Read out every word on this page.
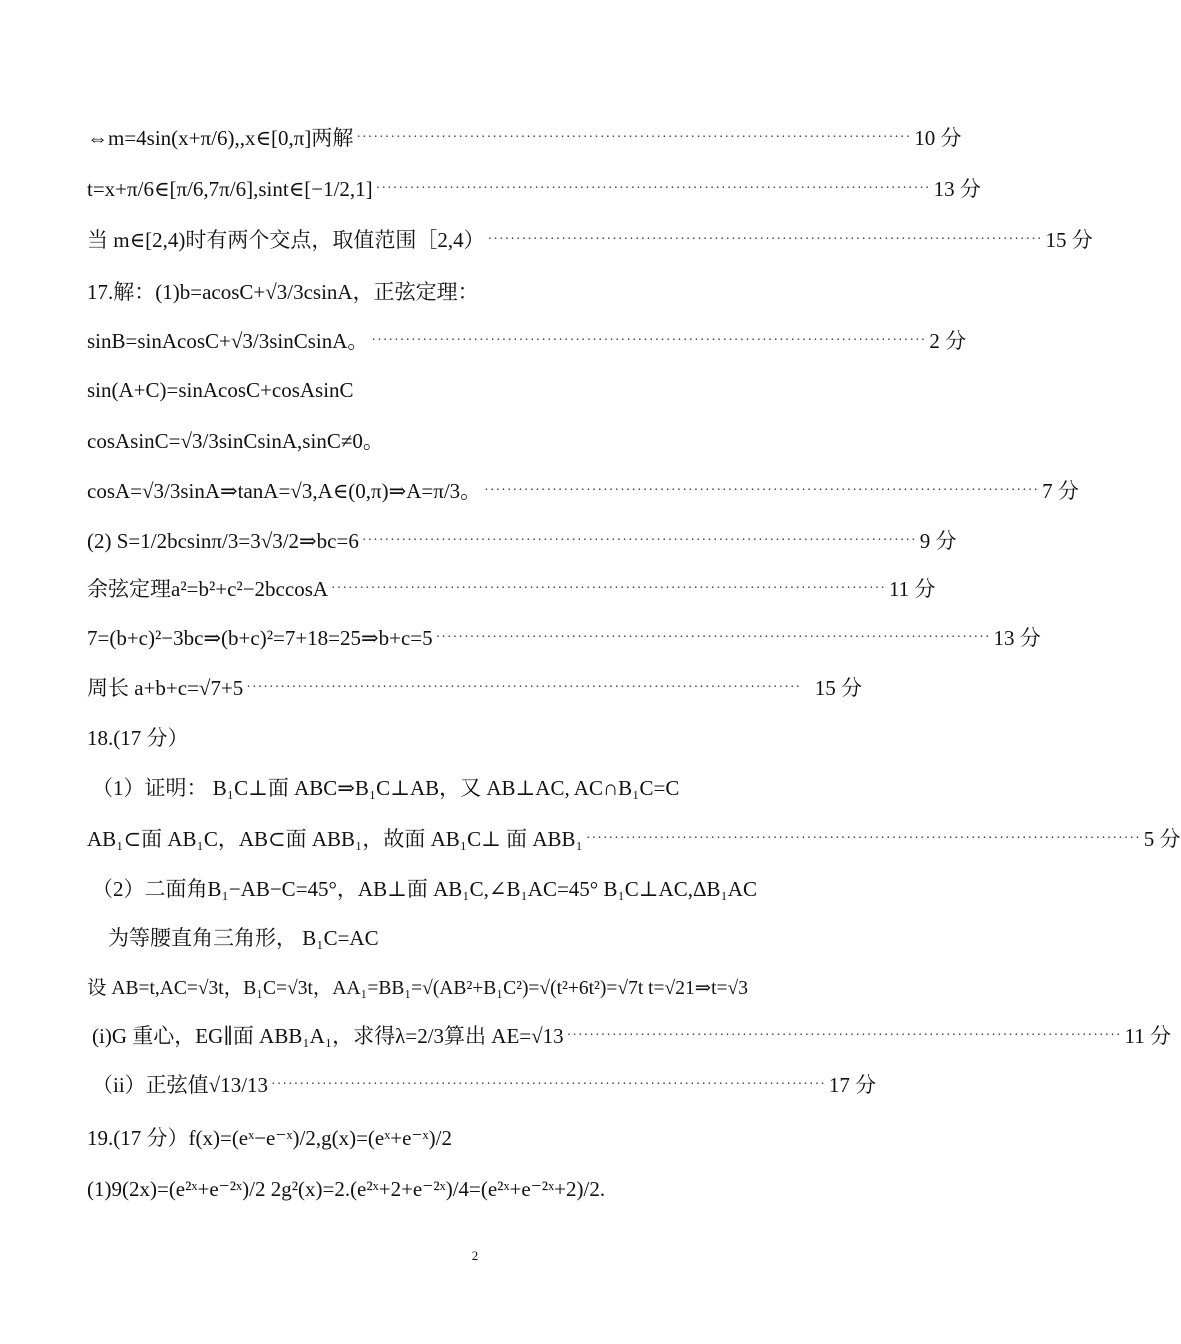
⇔m=4sin(x+π/6),,x∈[0,π]两解 ·································································································· 10 分
t=x+π/6∈[π/6,7π/6],sint∈[−1/2,1] ·································································································· 13 分
当 m∈[2,4)时有两个交点，取值范围［2,4） ·································································································· 15 分
17.解：(1)b=acosC+√3/3csinA，正弦定理：
sinB=sinAcosC+√3/3sinCsinA。 ·································································································· 2 分
sin(A+C)=sinAcosC+cosAsinC
cosAsinC=√3/3sinCsinA,sinC≠0。
cosA=√3/3sinA⇒tanA=√3,A∈(0,π)⇒A=π/3。 ·································································································· 7 分
(2) S=1/2bcsinπ/3=3√3/2⇒bc=6 ·································································································· 9 分
余弦定理a²=b²+c²−2bccosA ·································································································· 11 分
7=(b+c)²−3bc⇒(b+c)²=7+18=25⇒b+c=5 ·································································································· 13 分
周长 a+b+c=√7+5 ·································································································· 15 分
18.(17 分）
（1）证明： B₁C⊥面 ABC⇒B₁C⊥AB，又 AB⊥AC, AC∩B₁C=C
AB₁⊂面 AB₁C，AB⊂面 ABB₁，故面 AB₁C⊥ 面 ABB₁ ·································································································· 5 分
（2）二面角B₁−AB−C=45°，AB⊥面 AB₁C,∠B₁AC=45° B₁C⊥AC,ΔB₁AC
为等腰直角三角形， B₁C=AC
设 AB=t,AC=√3t，B₁C=√3t，AA₁=BB₁=√(AB²+B₁C²)=√(t²+6t²)=√7t t=√21⇒t=√3
(i)G 重心，EG∥面 ABB₁A₁，求得λ=2/3算出 AE=√13 ·································································································· 11 分
（ii）正弦值√13/13 ·································································································· 17 分
19.(17 分）f(x)=(eˣ−e⁻ˣ)/2,g(x)=(eˣ+e⁻ˣ)/2
(1)9(2x)=(e²ˣ+e⁻²ˣ)/2 2g²(x)=2.(e²ˣ+2+e⁻²ˣ)/4=(e²ˣ+e⁻²ˣ+2)/2.
2
